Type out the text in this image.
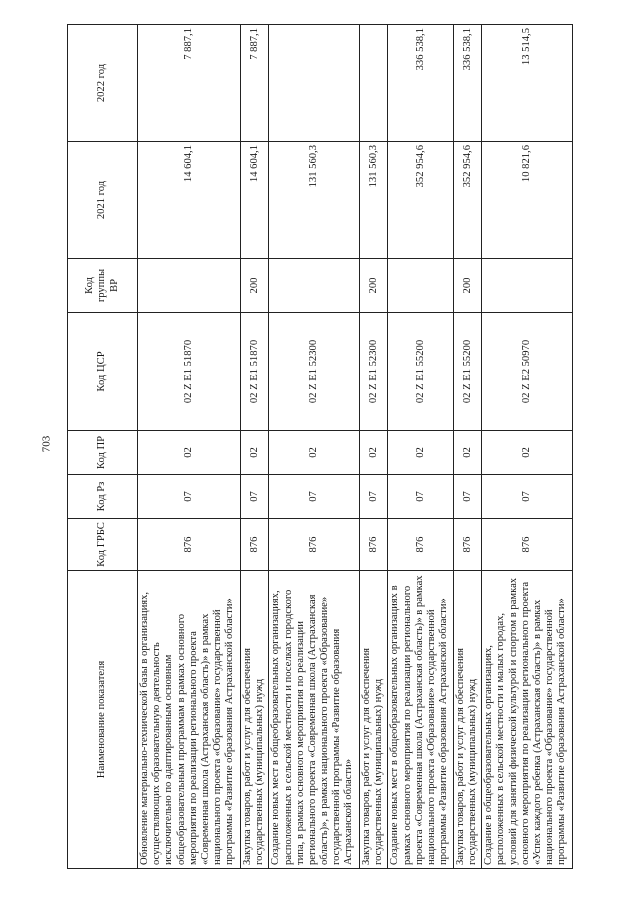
703
Наименование показателя	Код ГРБС	Код Рз	Код ПР	Код ЦСР	Код группы ВР	2021 год	2022 год
Обновление материально-технической базы в организациях, осуществляющих образовательную деятельность исключительно по адаптированным основным общеобразовательным программам в рамках основного мероприятия по реализации регионального проекта «Современная школа (Астраханская область)» в рамках национального проекта «Образование» государственной программы «Развитие образования Астраханской области»	876	07	02	02 Z E1 51870		14 604,1	7 887,1
Закупка товаров, работ и услуг для обеспечения государственных (муниципальных) нужд	876	07	02	02 Z E1 51870	200	14 604,1	7 887,1
Создание новых мест в общеобразовательных организациях, расположенных в сельской местности и поселках городского типа, в рамках основного мероприятия по реализации регионального проекта «Современная школа (Астраханская область)», в рамках национального проекта «Образование» государственной программы «Развитие образования Астраханской области»	876	07	02	02 Z E1 52300		131 560,3	
Закупка товаров, работ и услуг для обеспечения государственных (муниципальных) нужд	876	07	02	02 Z E1 52300	200	131 560,3	
Создание новых мест в общеобразовательных организациях в рамках основного мероприятия по реализации регионального проекта «Современная школа (Астраханская область)» в рамках национального проекта «Образование» государственной программы «Развитие образования Астраханской области»	876	07	02	02 Z E1 55200		352 954,6	336 538,1
Закупка товаров, работ и услуг для обеспечения государственных (муниципальных) нужд	876	07	02	02 Z E1 55200	200	352 954,6	336 538,1
Создание в общеобразовательных организациях, расположенных в сельской местности и малых городах, условий для занятий физической культурой и спортом в рамках основного мероприятия по реализации регионального проекта «Успех каждого ребенка (Астраханская область)» в рамках национального проекта «Образование» государственной программы «Развитие образования Астраханской области»	876	07	02	02 Z E2 50970		10 821,6	13 514,5
